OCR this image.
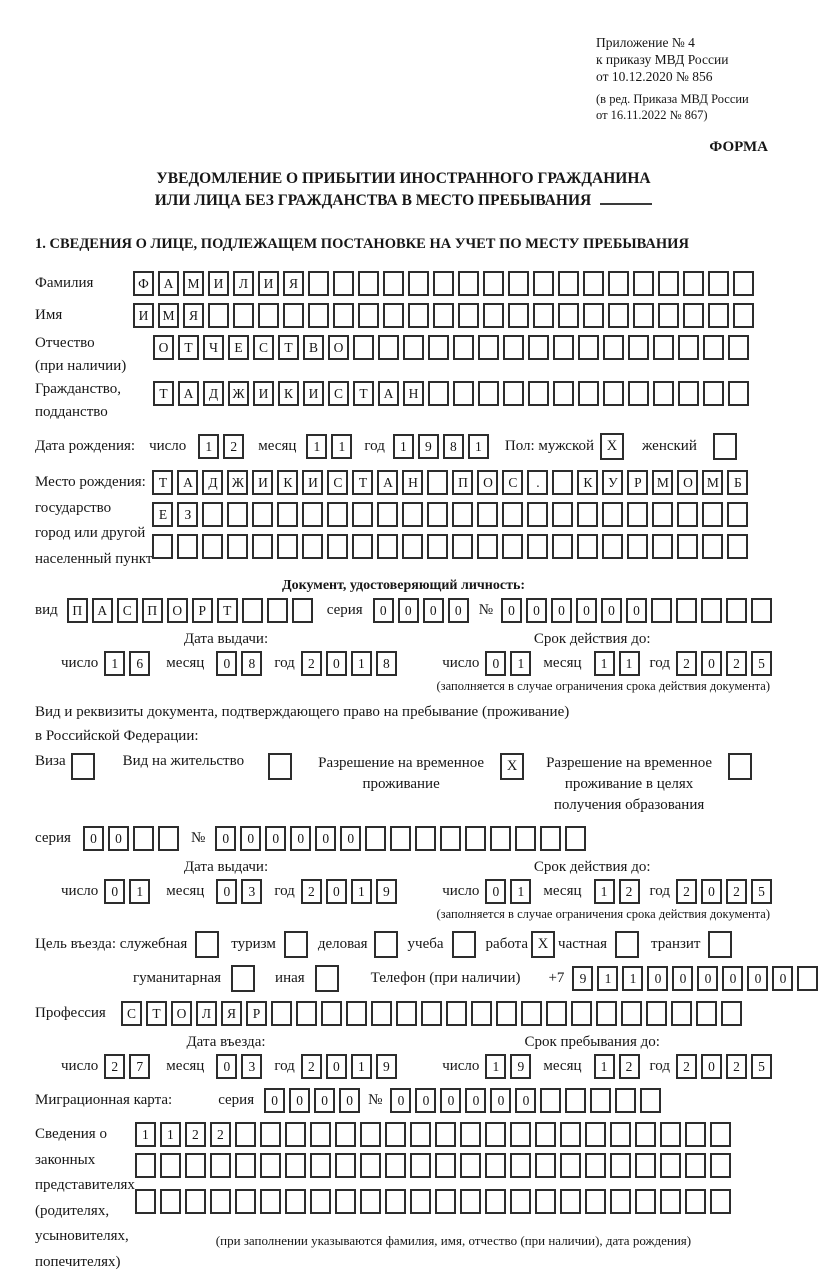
Приложение № 4
к приказу МВД России
от 10.12.2020 № 856
(в ред. Приказа МВД России
от 16.11.2022 № 867)
ФОРМА
УВЕДОМЛЕНИЕ О ПРИБЫТИИ ИНОСТРАННОГО ГРАЖДАНИНА
ИЛИ ЛИЦА БЕЗ ГРАЖДАНСТВА В МЕСТО ПРЕБЫВАНИЯ
1. СВЕДЕНИЯ О ЛИЦЕ, ПОДЛЕЖАЩЕМ ПОСТАНОВКЕ НА УЧЕТ ПО МЕСТУ ПРЕБЫВАНИЯ
Фамилия	Ф	А	М	И	Л	И	Я
Имя	И	М	Я
Отчество
(при наличии)
О	Т	Ч	Е	С	Т	В	О
Гражданство,
подданство
Т	А	Д	Ж	И	К	И	С	Т	А	Н
Дата рождения: число	1	2	месяц	1	1	год	1	9	8	1	Пол: мужской X	женский
Место рождения:
государство
город или другой
населенный пункт
Т	А	Д	Ж	И	К	И	С	Т	А	Н	П	О	С	.	К	У	Р	М	О	М	Б

Е	З

Документ, удостоверяющий личность:
вид	П	А	С	П	О	Р	Т	серия	0	0	0	0	№	0	0	0	0	0	0
Дата выдачи:
число 1	6	месяц	0	8	год 2	0	1	8
Срок действия до:
число 0	1	месяц	1	1	год 2	0	2	5
(заполняется в случае ограничения срока действия документа)
Вид и реквизиты документа, подтверждающего право на пребывание (проживание)
в Российской Федерации:
Виза	Вид на жительство	Разрешение на временное
проживание
X	Разрешение на временное
проживание в целях
получения образования
серия	0	0	№	0	0	0	0	0	0
Дата выдачи:
число 0	1	месяц	0	3	год 2	0	1	9
Срок действия до:
число 0	1	месяц	1	2	год 2	0	2	5
(заполняется в случае ограничения срока действия документа)
Цель въезда: служебная	туризм	деловая	учеба	работа X частная	транзит
гуманитарная	иная	Телефон (при наличии) +7	9	1	1	0	0	0	0	0	0
Профессия	С	Т	О	Л	Я	Р
Дата въезда:
число 2	7	месяц	0	3	год 2	0	1	9
Срок пребывания до:
число 1	9	месяц	1	2	год 2	0	2	5
Миграционная карта:	серия	0	0	0	0	№	0	0	0	0	0	0
Сведения о
законных
представителях
(родителях,
усыновителях,
попечителях)
1	1	2	2

(при заполнении указываются фамилия, имя, отчество (при наличии), дата рождения)
